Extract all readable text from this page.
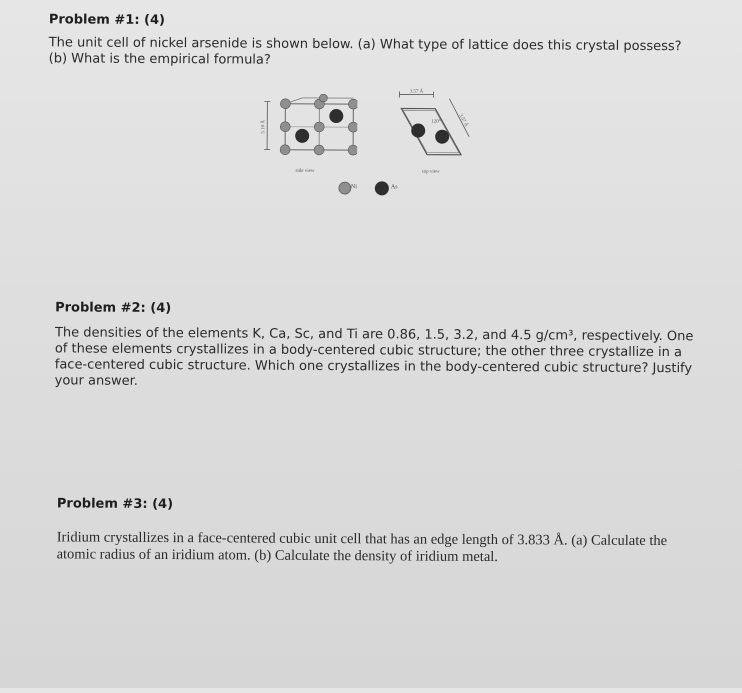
Problem #1: (4)
The unit cell of nickel arsenide is shown below. (a) What type of lattice does this crystal possess? (b) What is the empirical formula?
5.10 Å
side view
3.57 Å
3.57 Å
120°
top view
Ni	As
Problem #2: (4)
The densities of the elements K, Ca, Sc, and Ti are 0.86, 1.5, 3.2, and 4.5 g/cm³, respectively. One of these elements crystallizes in a body-centered cubic structure; the other three crystallize in a face-centered cubic structure. Which one crystallizes in the body-centered cubic structure? Justify your answer.
Problem #3: (4)
Iridium crystallizes in a face-centered cubic unit cell that has an edge length of 3.833 Å. (a) Calculate the atomic radius of an iridium atom. (b) Calculate the density of iridium metal.
